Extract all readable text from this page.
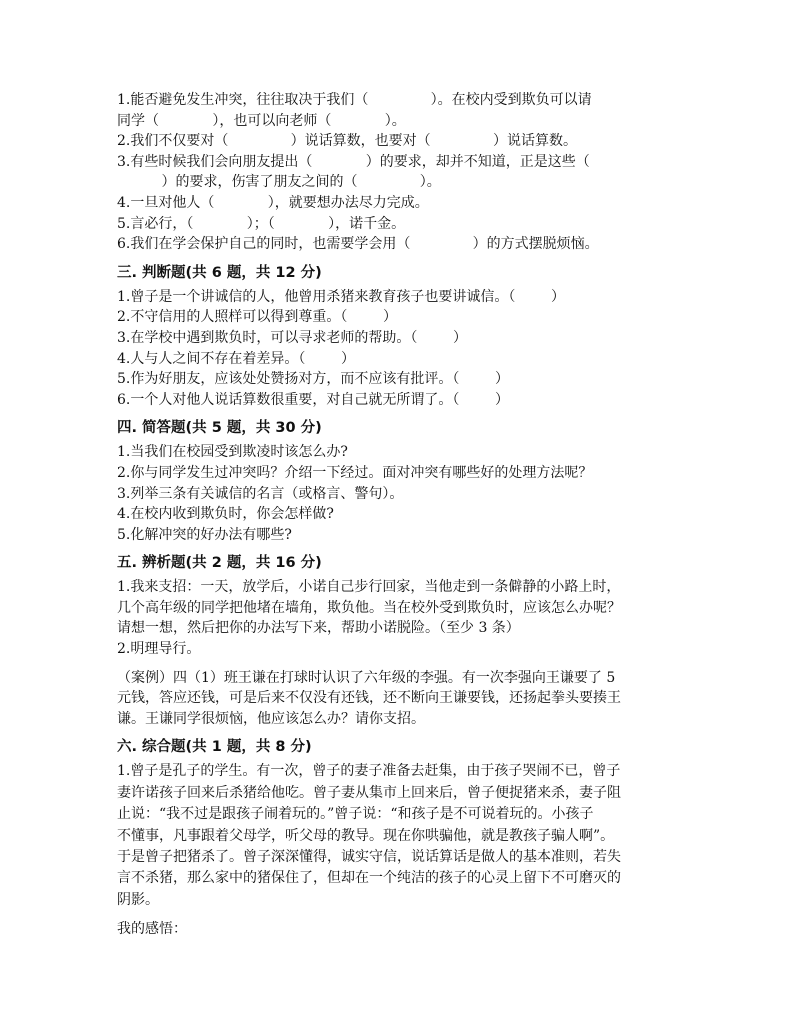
1.能否避免发生冲突，往往取决于我们（              ）。在校内受到欺负可以请
同学（            ），也可以向老师（            ）。
2.我们不仅要对（              ）说话算数，也要对（              ）说话算数。
3.有些时候我们会向朋友提出（            ）的要求，却并不知道，正是这些（
）的要求，伤害了朋友之间的（              ）。
4.一旦对他人（            ），就要想办法尽力完成。
5.言必行，（            ）；（            ），诺千金。
6.我们在学会保护自己的同时，也需要学会用（              ）的方式摆脱烦恼。
三. 判断题(共 6 题，共 12 分)
1.曾子是一个讲诚信的人，他曾用杀猪来教育孩子也要讲诚信。（        ）
2.不守信用的人照样可以得到尊重。（        ）
3.在学校中遇到欺负时，可以寻求老师的帮助。（        ）
4.人与人之间不存在着差异。（        ）
5.作为好朋友，应该处处赞扬对方，而不应该有批评。（        ）
6.一个人对他人说话算数很重要，对自己就无所谓了。（        ）
四. 简答题(共 5 题，共 30 分)
1.当我们在校园受到欺凌时该怎么办?
2.你与同学发生过冲突吗？介绍一下经过。面对冲突有哪些好的处理方法呢？
3.列举三条有关诚信的名言（或格言、警句）。
4.在校内收到欺负时，你会怎样做?
5.化解冲突的好办法有哪些?
五. 辨析题(共 2 题，共 16 分)
1.我来支招：一天，放学后，小诺自己步行回家，当他走到一条僻静的小路上时，
几个高年级的同学把他堵在墙角，欺负他。当在校外受到欺负时，应该怎么办呢？
请想一想，然后把你的办法写下来，帮助小诺脱险。（至少 3 条）
2.明理导行。
（案例）四（1）班王谦在打球时认识了六年级的李强。有一次李强向王谦要了 5
元钱，答应还钱，可是后来不仅没有还钱，还不断向王谦要钱，还扬起拳头要揍王
谦。王谦同学很烦恼，他应该怎么办？请你支招。
六. 综合题(共 1 题，共 8 分)
1.曾子是孔子的学生。有一次，曾子的妻子准备去赶集，由于孩子哭闹不已，曾子
妻许诺孩子回来后杀猪给他吃。曾子妻从集市上回来后，曾子便捉猪来杀，妻子阻
止说：“我不过是跟孩子闹着玩的。”曾子说：“和孩子是不可说着玩的。小孩子
不懂事，凡事跟着父母学，听父母的教导。现在你哄骗他，就是教孩子骗人啊”。
于是曾子把猪杀了。曾子深深懂得，诚实守信，说话算话是做人的基本准则，若失
言不杀猪，那么家中的猪保住了，但却在一个纯洁的孩子的心灵上留下不可磨灭的
阴影。
我的感悟：
